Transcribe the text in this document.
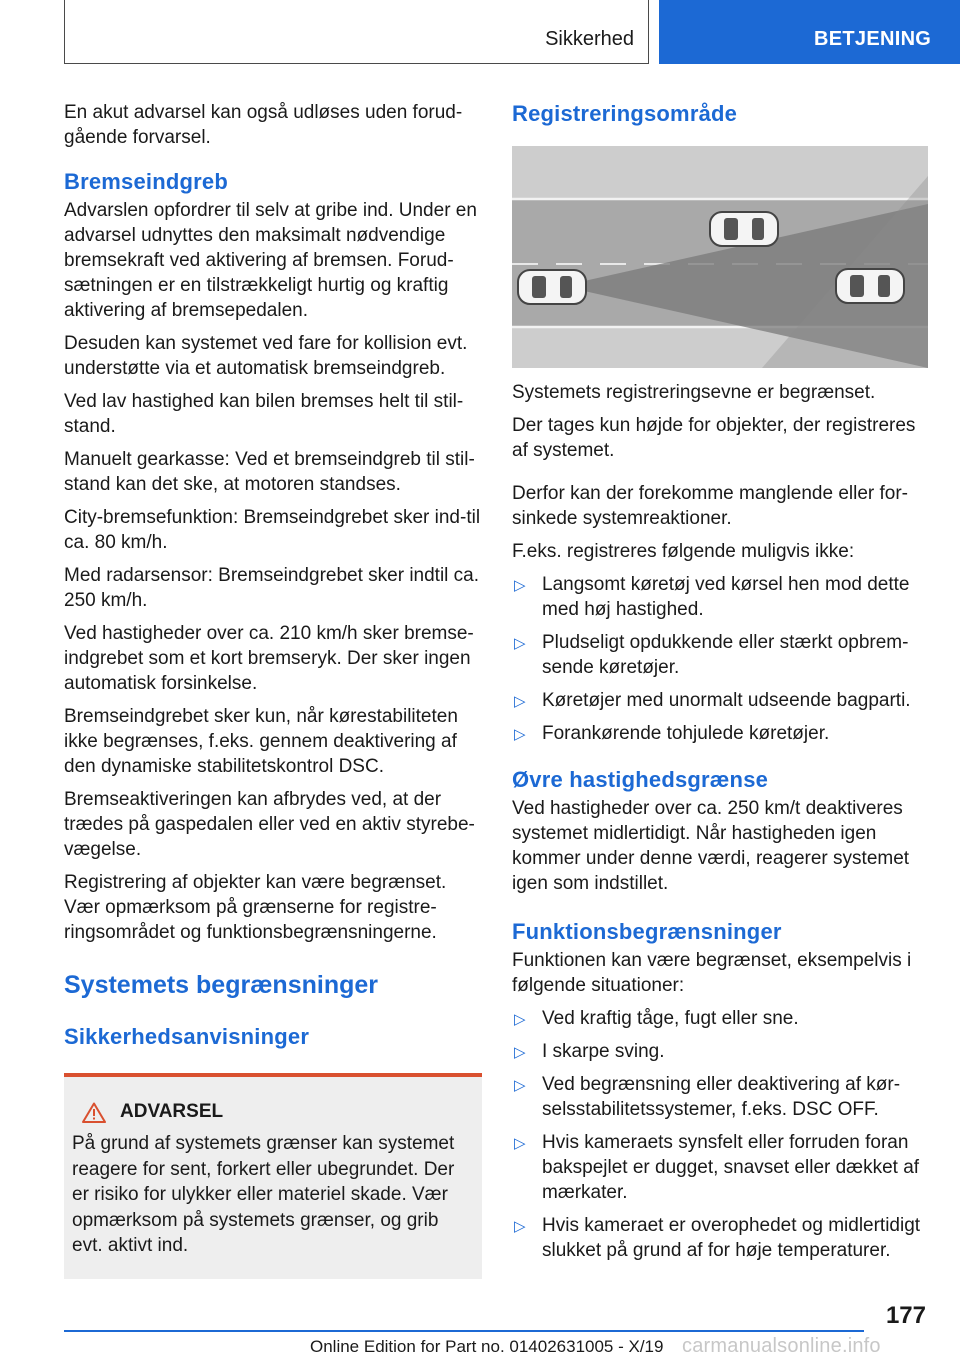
Sikkerhed	BETJENING

En akut advarsel kan også udløses uden forud-gående forvarsel.

Bremseindgreb

Advarslen opfordrer til selv at gribe ind. Under en advarsel udnyttes den maksimalt nødvendige bremsekraft ved aktivering af bremsen. Forud-sætningen er en tilstrækkeligt hurtig og kraftig aktivering af bremsepedalen.

Desuden kan systemet ved fare for kollision evt. understøtte via et automatisk bremseindgreb.

Ved lav hastighed kan bilen bremses helt til stil-stand.

Manuelt gearkasse: Ved et bremseindgreb til stil-stand kan det ske, at motoren standses.

City-bremsefunktion: Bremseindgrebet sker ind-til ca. 80 km/h.

Med radarsensor: Bremseindgrebet sker indtil ca. 250 km/h.

Ved hastigheder over ca. 210 km/h sker bremse-indgrebet som et kort bremseryk. Der sker ingen automatisk forsinkelse.

Bremseindgrebet sker kun, når kørestabiliteten ikke begrænses, f.eks. gennem deaktivering af den dynamiske stabilitetskontrol DSC.

Bremseaktiveringen kan afbrydes ved, at der trædes på gaspedalen eller ved en aktiv styrebe-vægelse.

Registrering af objekter kan være begrænset. Vær opmærksom på grænserne for registre-ringsområdet og funktionsbegrænsningerne.

Systemets begrænsninger
Sikkerhedsanvisninger
ADVARSEL

På grund af systemets grænser kan systemet reagere for sent, forkert eller ubegrundet. Der er risiko for ulykker eller materiel skade. Vær opmærksom på systemets grænser, og grib evt. aktivt ind.

Registreringsområde

Systemets registreringsevne er begrænset.

Der tages kun højde for objekter, der registreres af systemet.

Derfor kan der forekomme manglende eller for-sinkede systemreaktioner.

F.eks. registreres følgende muligvis ikke:

▷ Langsomt køretøj ved kørsel hen mod dette med høj hastighed.
▷ Pludseligt opdukkende eller stærkt opbrem-sende køretøjer.
▷ Køretøjer med unormalt udseende bagparti.
▷ Forankørende tohjulede køretøjer.
Øvre hastighedsgrænse

Ved hastigheder over ca. 250 km/t deaktiveres systemet midlertidigt. Når hastigheden igen kommer under denne værdi, reagerer systemet igen som indstillet.

Funktionsbegrænsninger

Funktionen kan være begrænset, eksempelvis i følgende situationer:

▷ Ved kraftig tåge, fugt eller sne.
▷ I skarpe sving.
▷ Ved begrænsning eller deaktivering af kør-selsstabilitetssystemer, f.eks. DSC OFF.
▷ Hvis kameraets synsfelt eller forruden foran bakspejlet er dugget, snavset eller dækket af mærkater.
▷ Hvis kameraet er overophedet og midlertidigt slukket på grund af for høje temperaturer.
177
Online Edition for Part no. 01402631005 - X/19 carmanualsonline.info
